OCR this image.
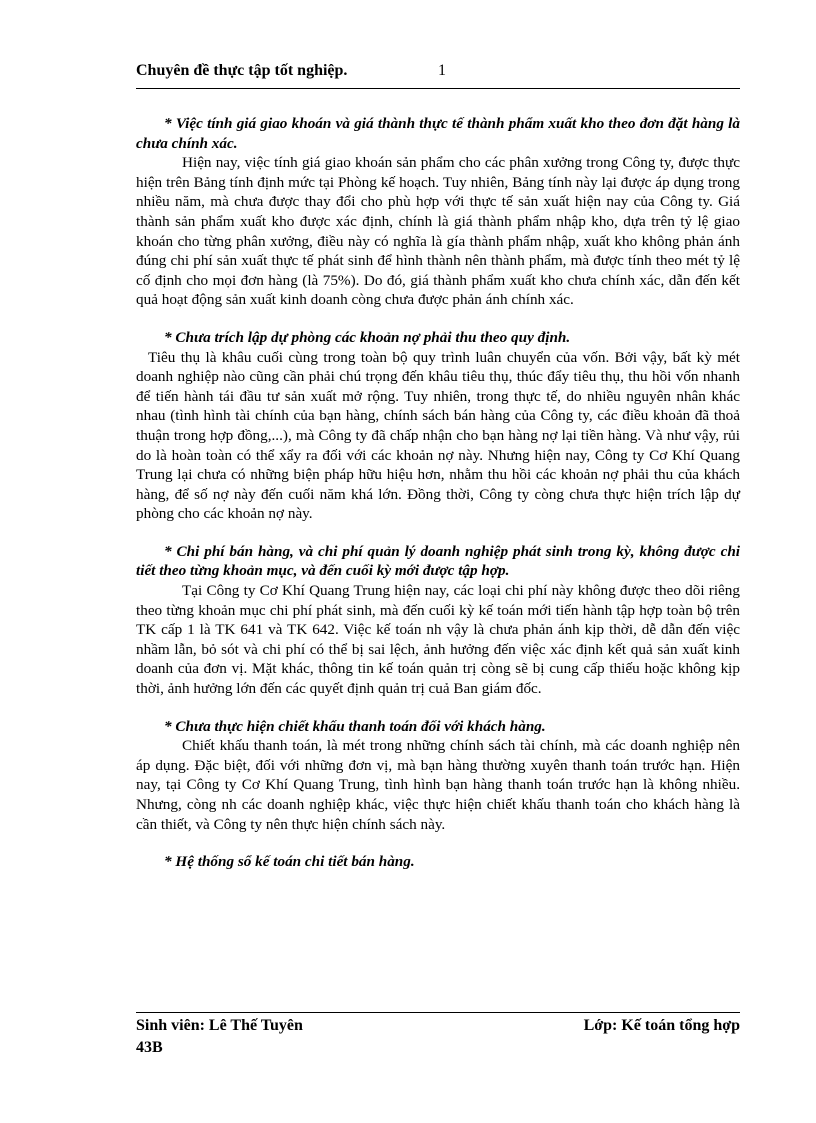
Chuyên đề thực tập tốt nghiệp.	1

* Việc tính giá giao khoán và giá thành thực tế thành phẩm xuất kho theo đơn đặt hàng là chưa chính xác.

Hiện nay, việc tính giá giao khoán sản phẩm cho các phân xưởng trong Công ty, được thực hiện trên Bảng tính định mức tại Phòng kế hoạch. Tuy nhiên, Bảng tính này lại được áp dụng trong nhiều năm, mà chưa được thay đổi cho phù hợp với thực tế sản xuất hiện nay của Công ty. Giá thành sản phẩm xuất kho được xác định, chính là giá thành phẩm nhập kho, dựa trên tỷ lệ giao khoán cho từng phân xưởng, điều này có nghĩa là gía thành phẩm nhập, xuất kho không phản ánh đúng chi phí sản xuất thực tế phát sinh để hình thành nên thành phẩm, mà được tính theo mét tỷ lệ cố định cho mọi đơn hàng (là 75%). Do đó, giá thành phẩm xuất kho chưa chính xác, dẫn đến kết quả hoạt động sản xuất kinh doanh còng chưa được phản ánh chính xác.

* Chưa trích lập dự phòng các khoản nợ phải thu theo quy định.

Tiêu thụ là khâu cuối cùng trong toàn bộ quy trình luân chuyển của vốn. Bởi vậy, bất kỳ mét doanh nghiệp nào cũng cần phải chú trọng đến khâu tiêu thụ, thúc đẩy tiêu thụ, thu hồi vốn nhanh để tiến hành tái đầu tư sản xuất mở rộng. Tuy nhiên, trong thực tế, do nhiều nguyên nhân khác nhau (tình hình tài chính của bạn hàng, chính sách bán hàng của Công ty, các điều khoản đã thoả thuận trong hợp đồng,...), mà Công ty đã chấp nhận cho bạn hàng nợ lại tiền hàng. Và như vậy, rủi do là hoàn toàn có thể xẩy ra đối với các khoản nợ này. Nhưng hiện nay, Công ty Cơ Khí Quang Trung lại chưa có những biện pháp hữu hiệu hơn, nhằm thu hồi các khoản nợ phải thu của khách hàng, để số nợ này đến cuối năm khá lớn. Đồng thời, Công ty còng chưa thực hiện trích lập dự phòng cho các khoản nợ này.

* Chi phí bán hàng, và chi phí quản lý doanh nghiệp phát sinh trong kỳ, không được chi tiết theo từng khoản mục, và đến cuối kỳ mới được tập hợp.

Tại Công ty Cơ Khí Quang Trung hiện nay, các loại chi phí này không được theo dõi riêng theo từng khoản mục chi phí phát sinh, mà đến cuối kỳ kế toán mới tiến hành tập hợp toàn bộ trên TK cấp 1 là TK 641 và TK 642. Việc kế toán nh vậy là chưa phản ánh kịp thời, dễ dẫn đến việc nhầm lẫn, bỏ sót và chi phí có thể bị sai lệch, ảnh hưởng đến việc xác định kết quả sản xuất kinh doanh của đơn vị. Mặt khác, thông tin kế toán quản trị còng sẽ bị cung cấp thiếu hoặc không kịp thời, ảnh hưởng lớn đến các quyết định quản trị cuả Ban giám đốc.

* Chưa thực hiện chiết khấu thanh toán đối với khách hàng.

Chiết khấu thanh toán, là mét trong những chính sách tài chính, mà các doanh nghiệp nên áp dụng. Đặc biệt, đối với những đơn vị, mà bạn hàng thường xuyên thanh toán trước hạn. Hiện nay, tại Công ty Cơ Khí Quang Trung, tình hình bạn hàng thanh toán trước hạn là không nhiều. Nhưng, còng nh các doanh nghiệp khác, việc thực hiện chiết khấu thanh toán cho khách hàng là cần thiết, và Công ty nên thực hiện chính sách này.

* Hệ thống sổ kế toán chi tiết bán hàng.

Sinh viên: Lê Thế Tuyên	Lớp: Kế toán tổng hợp
43B
